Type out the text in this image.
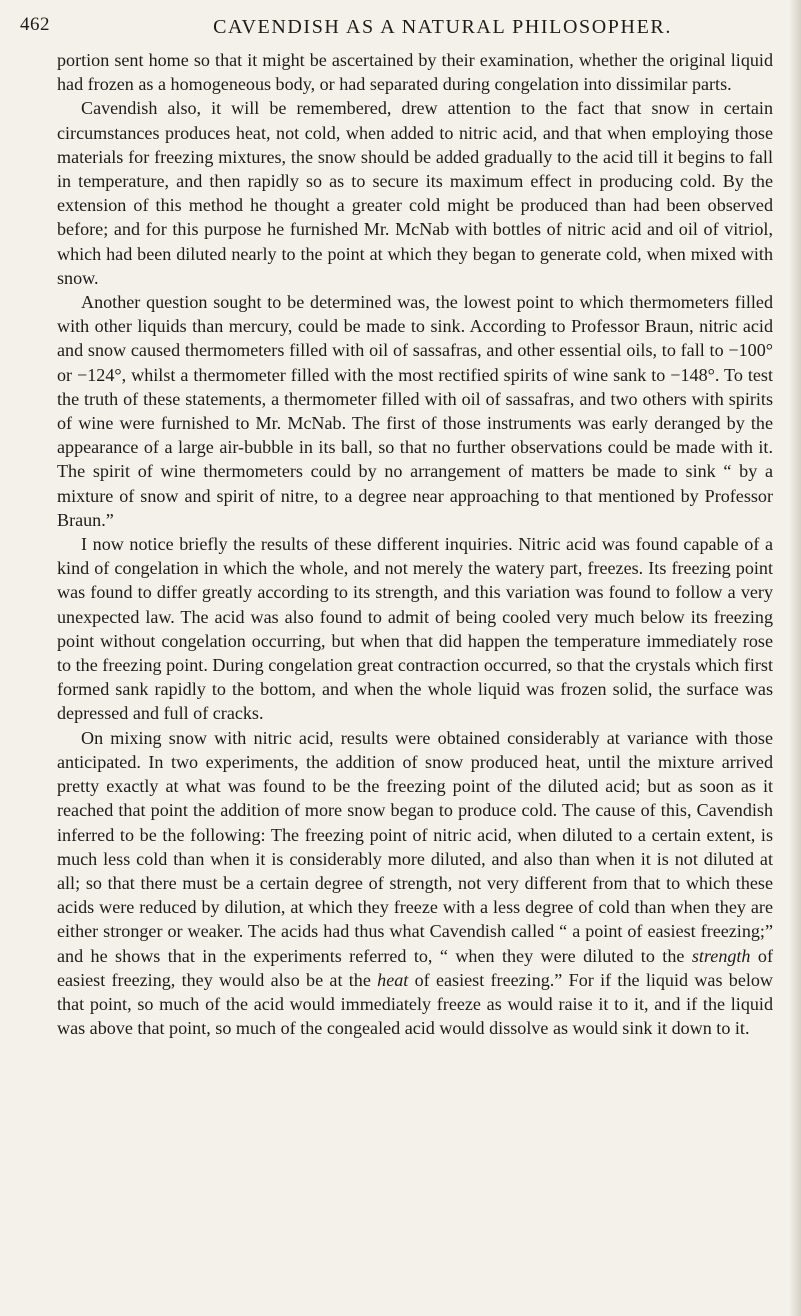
462	CAVENDISH AS A NATURAL PHILOSOPHER.

portion sent home so that it might be ascertained by their examination, whether the original liquid had frozen as a homogeneous body, or had separated during congelation into dissimilar parts.

Cavendish also, it will be remembered, drew attention to the fact that snow in certain circumstances produces heat, not cold, when added to nitric acid, and that when employing those materials for freezing mixtures, the snow should be added gradually to the acid till it begins to fall in temperature, and then rapidly so as to secure its maximum effect in producing cold. By the extension of this method he thought a greater cold might be produced than had been observed before; and for this purpose he furnished Mr. McNab with bottles of nitric acid and oil of vitriol, which had been diluted nearly to the point at which they began to generate cold, when mixed with snow.

Another question sought to be determined was, the lowest point to which thermometers filled with other liquids than mercury, could be made to sink. According to Professor Braun, nitric acid and snow caused thermometers filled with oil of sassafras, and other essential oils, to fall to −100° or −124°, whilst a thermometer filled with the most rectified spirits of wine sank to −148°. To test the truth of these statements, a thermometer filled with oil of sassafras, and two others with spirits of wine were furnished to Mr. McNab. The first of those instruments was early deranged by the appearance of a large air-bubble in its ball, so that no further observations could be made with it. The spirit of wine thermometers could by no arrangement of matters be made to sink “ by a mixture of snow and spirit of nitre, to a degree near approaching to that mentioned by Professor Braun.”

I now notice briefly the results of these different inquiries. Nitric acid was found capable of a kind of congelation in which the whole, and not merely the watery part, freezes. Its freezing point was found to differ greatly according to its strength, and this variation was found to follow a very unexpected law. The acid was also found to admit of being cooled very much below its freezing point without congelation occurring, but when that did happen the temperature immediately rose to the freezing point. During congelation great contraction occurred, so that the crystals which first formed sank rapidly to the bottom, and when the whole liquid was frozen solid, the surface was depressed and full of cracks.

On mixing snow with nitric acid, results were obtained considerably at variance with those anticipated. In two experiments, the addition of snow produced heat, until the mixture arrived pretty exactly at what was found to be the freezing point of the diluted acid; but as soon as it reached that point the addition of more snow began to produce cold. The cause of this, Cavendish inferred to be the following: The freezing point of nitric acid, when diluted to a certain extent, is much less cold than when it is considerably more diluted, and also than when it is not diluted at all; so that there must be a certain degree of strength, not very different from that to which these acids were reduced by dilution, at which they freeze with a less degree of cold than when they are either stronger or weaker. The acids had thus what Cavendish called “ a point of easiest freezing;” and he shows that in the experiments referred to, “ when they were diluted to the strength of easiest freezing, they would also be at the heat of easiest freezing.” For if the liquid was below that point, so much of the acid would immediately freeze as would raise it to it, and if the liquid was above that point, so much of the congealed acid would dissolve as would sink it down to it.
